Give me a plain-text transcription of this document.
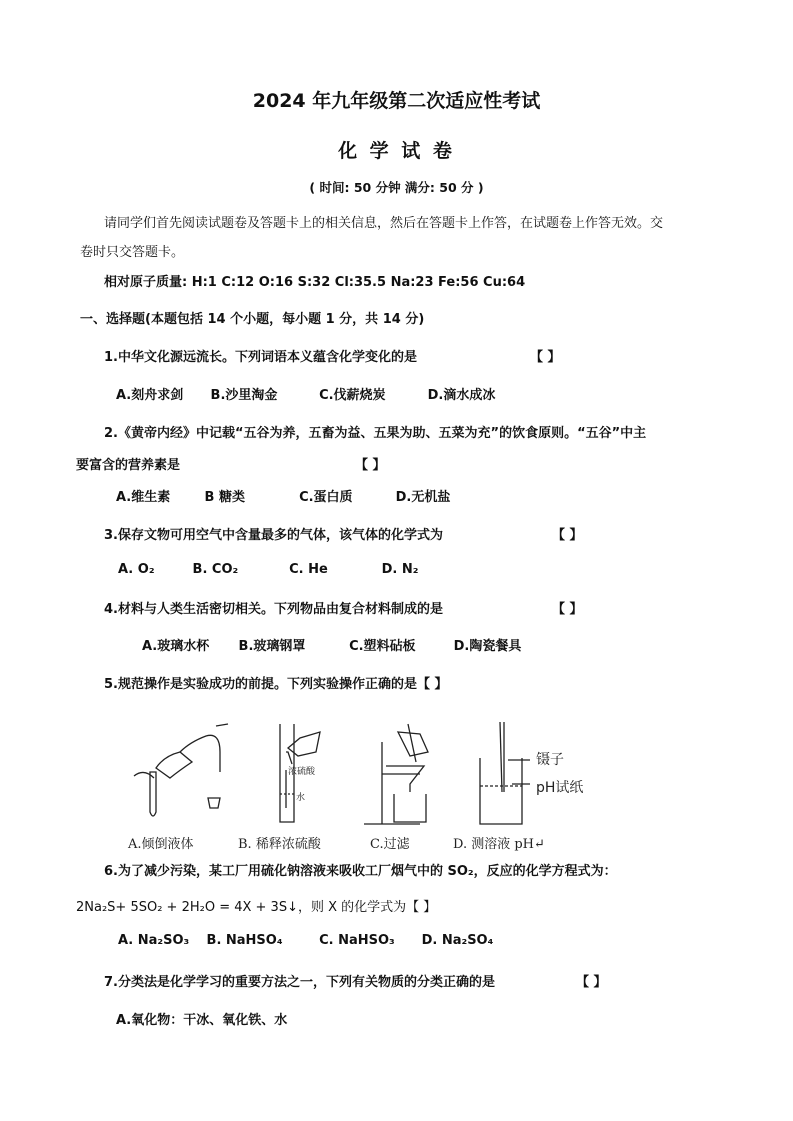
2024 年九年级第二次适应性考试
化 学 试 卷
( 时间: 50 分钟 满分: 50 分 )
请同学们首先阅读试题卷及答题卡上的相关信息，然后在答题卡上作答，在试题卷上作答无效。交
卷时只交答题卡。
相对原子质量: H:1 C:12 O:16 S:32 Cl:35.5 Na:23 Fe:56 Cu:64
一、选择题(本题包括 14 个小题，每小题 1 分，共 14 分)
1.中华文化源远流长。下列词语本义蕴含化学变化的是	【 】
A.刻舟求剑 B.沙里淘金	C.伐薪烧炭	D.滴水成冰
2.《黄帝内经》中记载“五谷为养，五畜为益、五果为助、五菜为充”的饮食原则。“五谷”中主
要富含的营养素是	【 】
A.维生素	B 糖类	C.蛋白质	D.无机盐
3.保存文物可用空气中含量最多的气体，该气体的化学式为	【 】
A. O₂	B. CO₂	C. He	D. N₂
4.材料与人类生活密切相关。下列物品由复合材料制成的是	【 】
A.玻璃水杯 B.玻璃钢罩	C.塑料砧板	D.陶瓷餐具
5.规范操作是实验成功的前提。下列实验操作正确的是【 】
浓硫酸
水
镊子
pH试纸
A.倾倒液体	B. 稀释浓硫酸	C.过滤	D. 测溶液 pH↵
6.为了减少污染，某工厂用硫化钠溶液来吸收工厂烟气中的 SO₂，反应的化学方程式为：
2Na₂S+ 5SO₂ + 2H₂O = 4X + 3S↓，则 X 的化学式为【 】
A. Na₂SO₃ B. NaHSO₄	C. NaHSO₃ D. Na₂SO₄
7.分类法是化学学习的重要方法之一，下列有关物质的分类正确的是	【 】
A.氧化物：干冰、氧化铁、水
